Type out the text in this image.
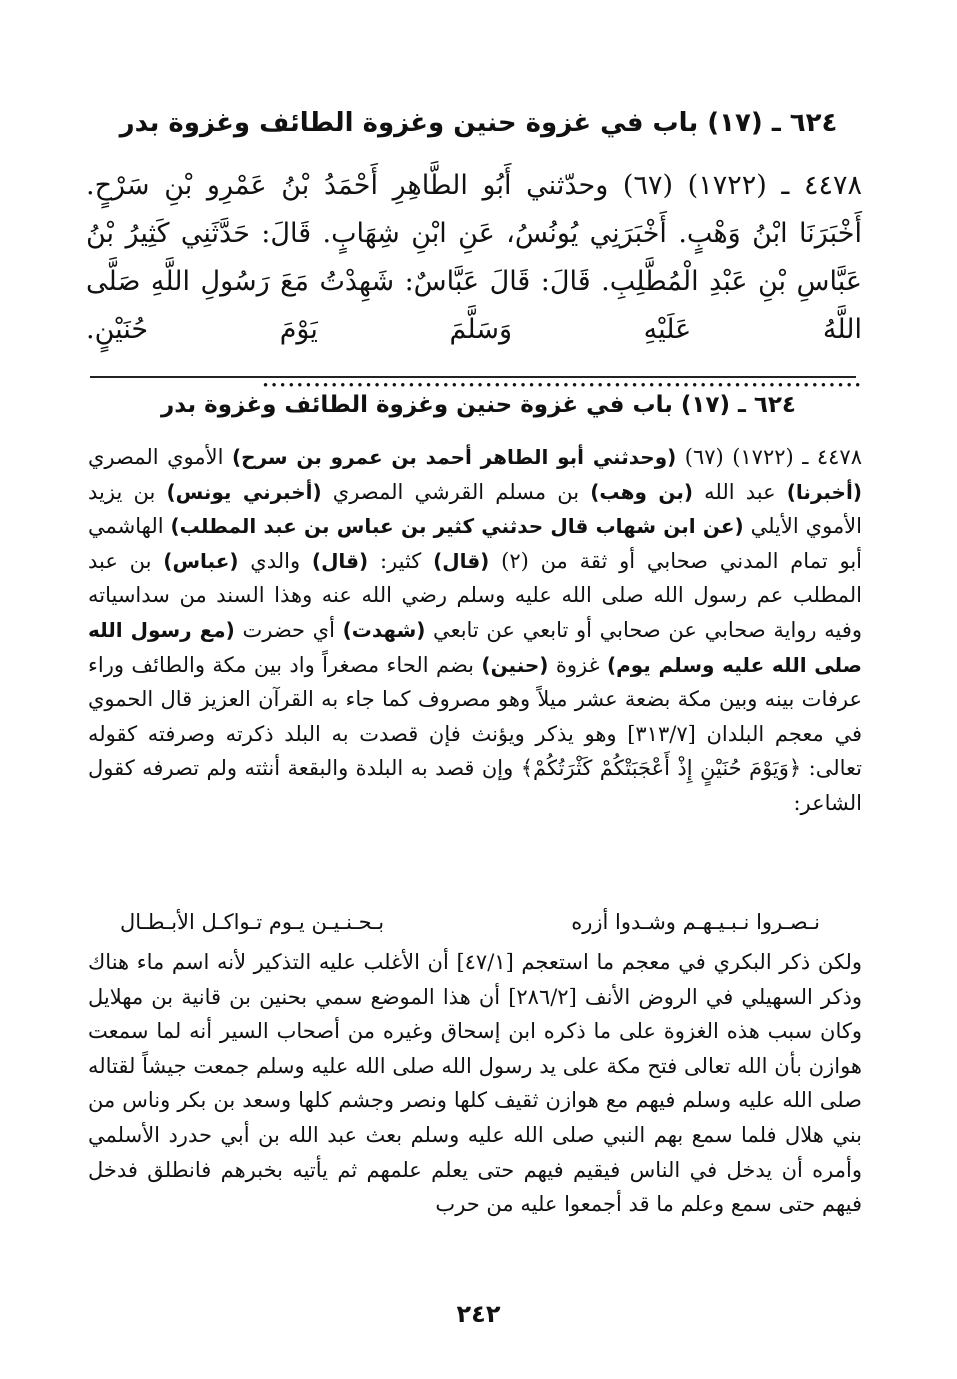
٦٢٤ ـ (١٧) باب في غزوة حنين وغزوة الطائف وغزوة بدر

٤٤٧٨ ـ (١٧٢٢) (٦٧) وحدّثني أَبُو الطَّاهِرِ أَحْمَدُ بْنُ عَمْرِو بْنِ سَرْحٍ. أَخْبَرَنَا ابْنُ وَهْبٍ. أَخْبَرَنِي يُونُسُ، عَنِ ابْنِ شِهَابٍ. قَالَ: حَدَّثَنِي كَثِيرُ بْنُ عَبَّاسِ بْنِ عَبْدِ الْمُطَّلِبِ. قَالَ: قَالَ عَبَّاسٌ: شَهِدْتُ مَعَ رَسُولِ اللَّهِ صَلَّى اللَّهُ عَلَيْهِ وَسَلَّمَ يَوْمَ حُنَيْنٍ. ......................................................................

٦٢٤ ـ (١٧) باب في غزوة حنين وغزوة الطائف وغزوة بدر

٤٤٧٨ ـ (١٧٢٢) (٦٧) (وحدثني أبو الطاهر أحمد بن عمرو بن سرح) الأموي المصري (أخبرنا) عبد الله (بن وهب) بن مسلم القرشي المصري (أخبرني يونس) بن يزيد الأموي الأيلي (عن ابن شهاب قال حدثني كثير بن عباس بن عبد المطلب) الهاشمي أبو تمام المدني صحابي أو ثقة من (٢) (قال) كثير: (قال) والدي (عباس) بن عبد المطلب عم رسول الله صلى الله عليه وسلم رضي الله عنه وهذا السند من سداسياته وفيه رواية صحابي عن صحابي أو تابعي عن تابعي (شهدت) أي حضرت (مع رسول الله صلى الله عليه وسلم يوم) غزوة (حنين) بضم الحاء مصغراً واد بين مكة والطائف وراء عرفات بينه وبين مكة بضعة عشر ميلاً وهو مصروف كما جاء به القرآن العزيز قال الحموي في معجم البلدان [٣١٣/٧] وهو يذكر ويؤنث فإن قصدت به البلد ذكرته وصرفته كقوله تعالى: ﴿وَيَوْمَ حُنَيْنٍ إِذْ أَعْجَبَتْكُمْ كَثْرَتُكُمْ﴾ وإن قصد به البلدة والبقعة أنثته ولم تصرفه كقول الشاعر:

نـصـروا نـبـيـهـم وشـدوا أزره
بـحـنـيـن يـوم تـواكـل الأبـطـال

ولكن ذكر البكري في معجم ما استعجم [٤٧/١] أن الأغلب عليه التذكير لأنه اسم ماء هناك وذكر السهيلي في الروض الأنف [٢٨٦/٢] أن هذا الموضع سمي بحنين بن قانية بن مهلايل وكان سبب هذه الغزوة على ما ذكره ابن إسحاق وغيره من أصحاب السير أنه لما سمعت هوازن بأن الله تعالى فتح مكة على يد رسول الله صلى الله عليه وسلم جمعت جيشاً لقتاله صلى الله عليه وسلم فيهم مع هوازن ثقيف كلها ونصر وجشم كلها وسعد بن بكر وناس من بني هلال فلما سمع بهم النبي صلى الله عليه وسلم بعث عبد الله بن أبي حدرد الأسلمي وأمره أن يدخل في الناس فيقيم فيهم حتى يعلم علمهم ثم يأتيه بخبرهم فانطلق فدخل فيهم حتى سمع وعلم ما قد أجمعوا عليه من حرب

٢٤٢
